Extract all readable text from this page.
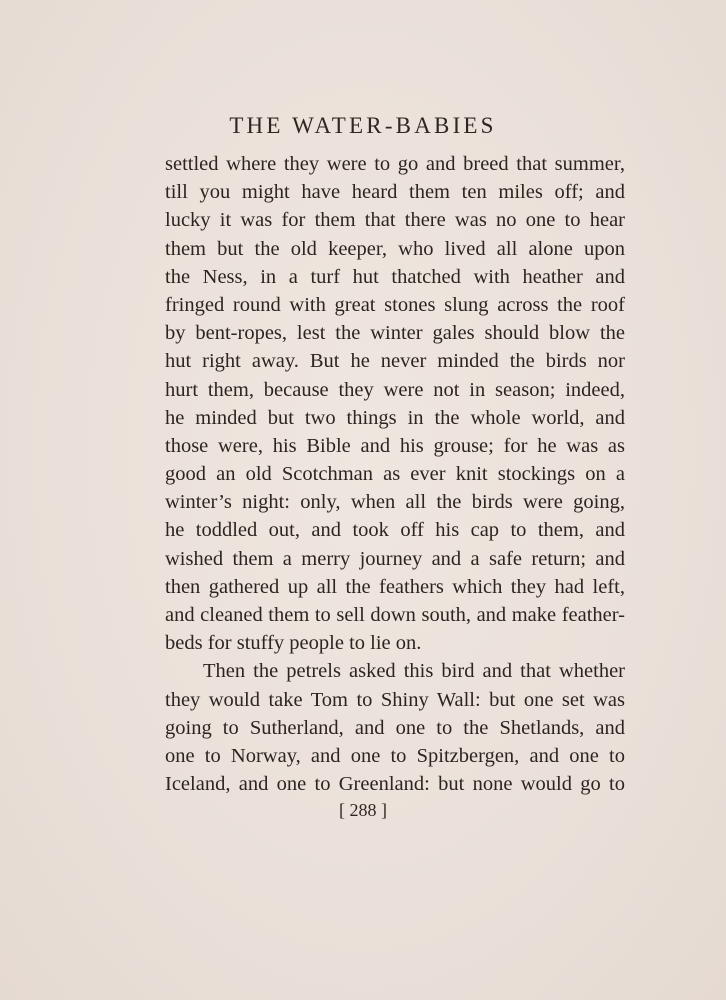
THE WATER-BABIES
settled where they were to go and breed that summer,
till you might have heard them ten miles off; and
lucky it was for them that there was no one to hear
them but the old keeper, who lived all alone upon
the Ness, in a turf hut thatched with heather and
fringed round with great stones slung across the roof
by bent-ropes, lest the winter gales should blow the
hut right away. But he never minded the birds nor
hurt them, because they were not in season; indeed,
he minded but two things in the whole world, and
those were, his Bible and his grouse; for he was as
good an old Scotchman as ever knit stockings on a
winter’s night: only, when all the birds were going,
he toddled out, and took off his cap to them, and
wished them a merry journey and a safe return; and
then gathered up all the feathers which they had left,
and cleaned them to sell down south, and make feather-
beds for stuffy people to lie on.
Then the petrels asked this bird and that whether
they would take Tom to Shiny Wall: but one set was
going to Sutherland, and one to the Shetlands, and
one to Norway, and one to Spitzbergen, and one to
Iceland, and one to Greenland: but none would go to
[ 288 ]
